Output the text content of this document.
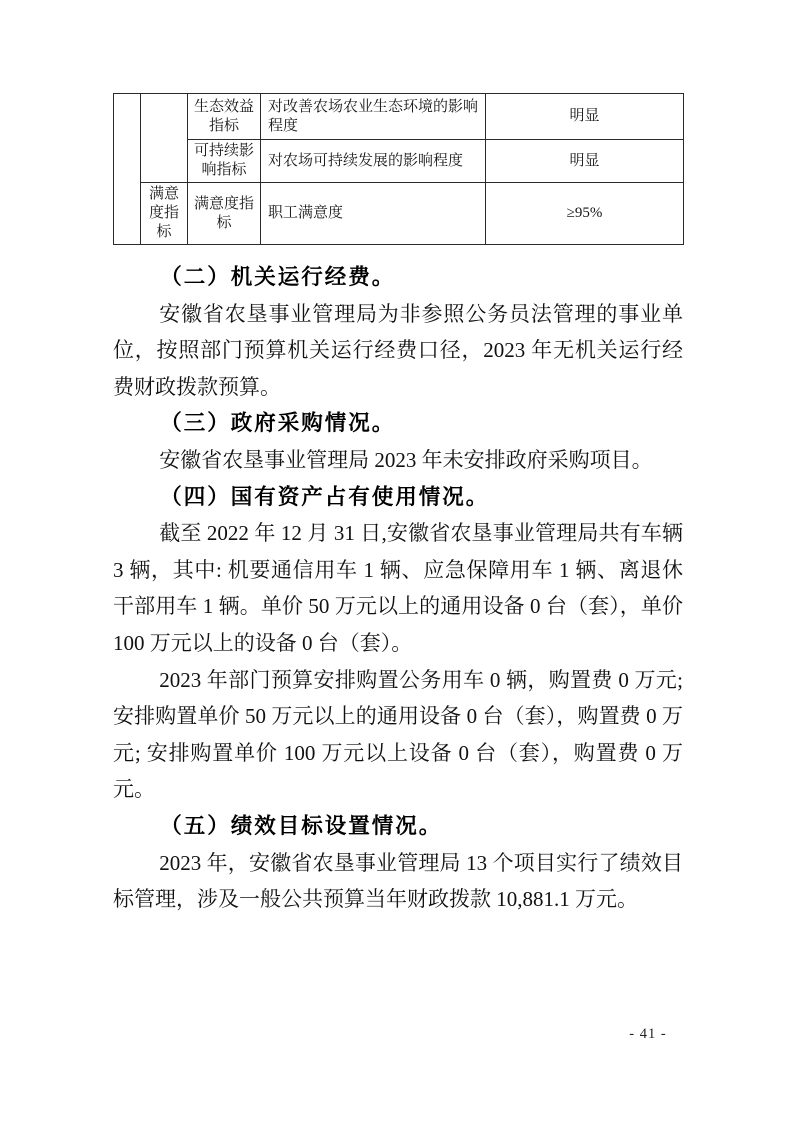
		生态效益指标	对改善农场农业生态环境的影响程度	明显
		可持续影响指标	对农场可持续发展的影响程度	明显
	满意度指标	满意度指标	职工满意度	≥95%
（二）机关运行经费。

安徽省农垦事业管理局为非参照公务员法管理的事业单位，按照部门预算机关运行经费口径，2023 年无机关运行经费财政拨款预算。

（三）政府采购情况。

安徽省农垦事业管理局 2023 年未安排政府采购项目。

（四）国有资产占有使用情况。

截至 2022 年 12 月 31 日,安徽省农垦事业管理局共有车辆 3 辆，其中: 机要通信用车 1 辆、应急保障用车 1 辆、离退休干部用车 1 辆。单价 50 万元以上的通用设备 0 台（套），单价 100 万元以上的设备 0 台（套）。

2023 年部门预算安排购置公务用车 0 辆，购置费 0 万元; 安排购置单价 50 万元以上的通用设备 0 台（套），购置费 0 万元; 安排购置单价 100 万元以上设备 0 台（套），购置费 0 万元。

（五）绩效目标设置情况。

2023 年，安徽省农垦事业管理局 13 个项目实行了绩效目标管理，涉及一般公共预算当年财政拨款 10,881.1 万元。

- 41 -
